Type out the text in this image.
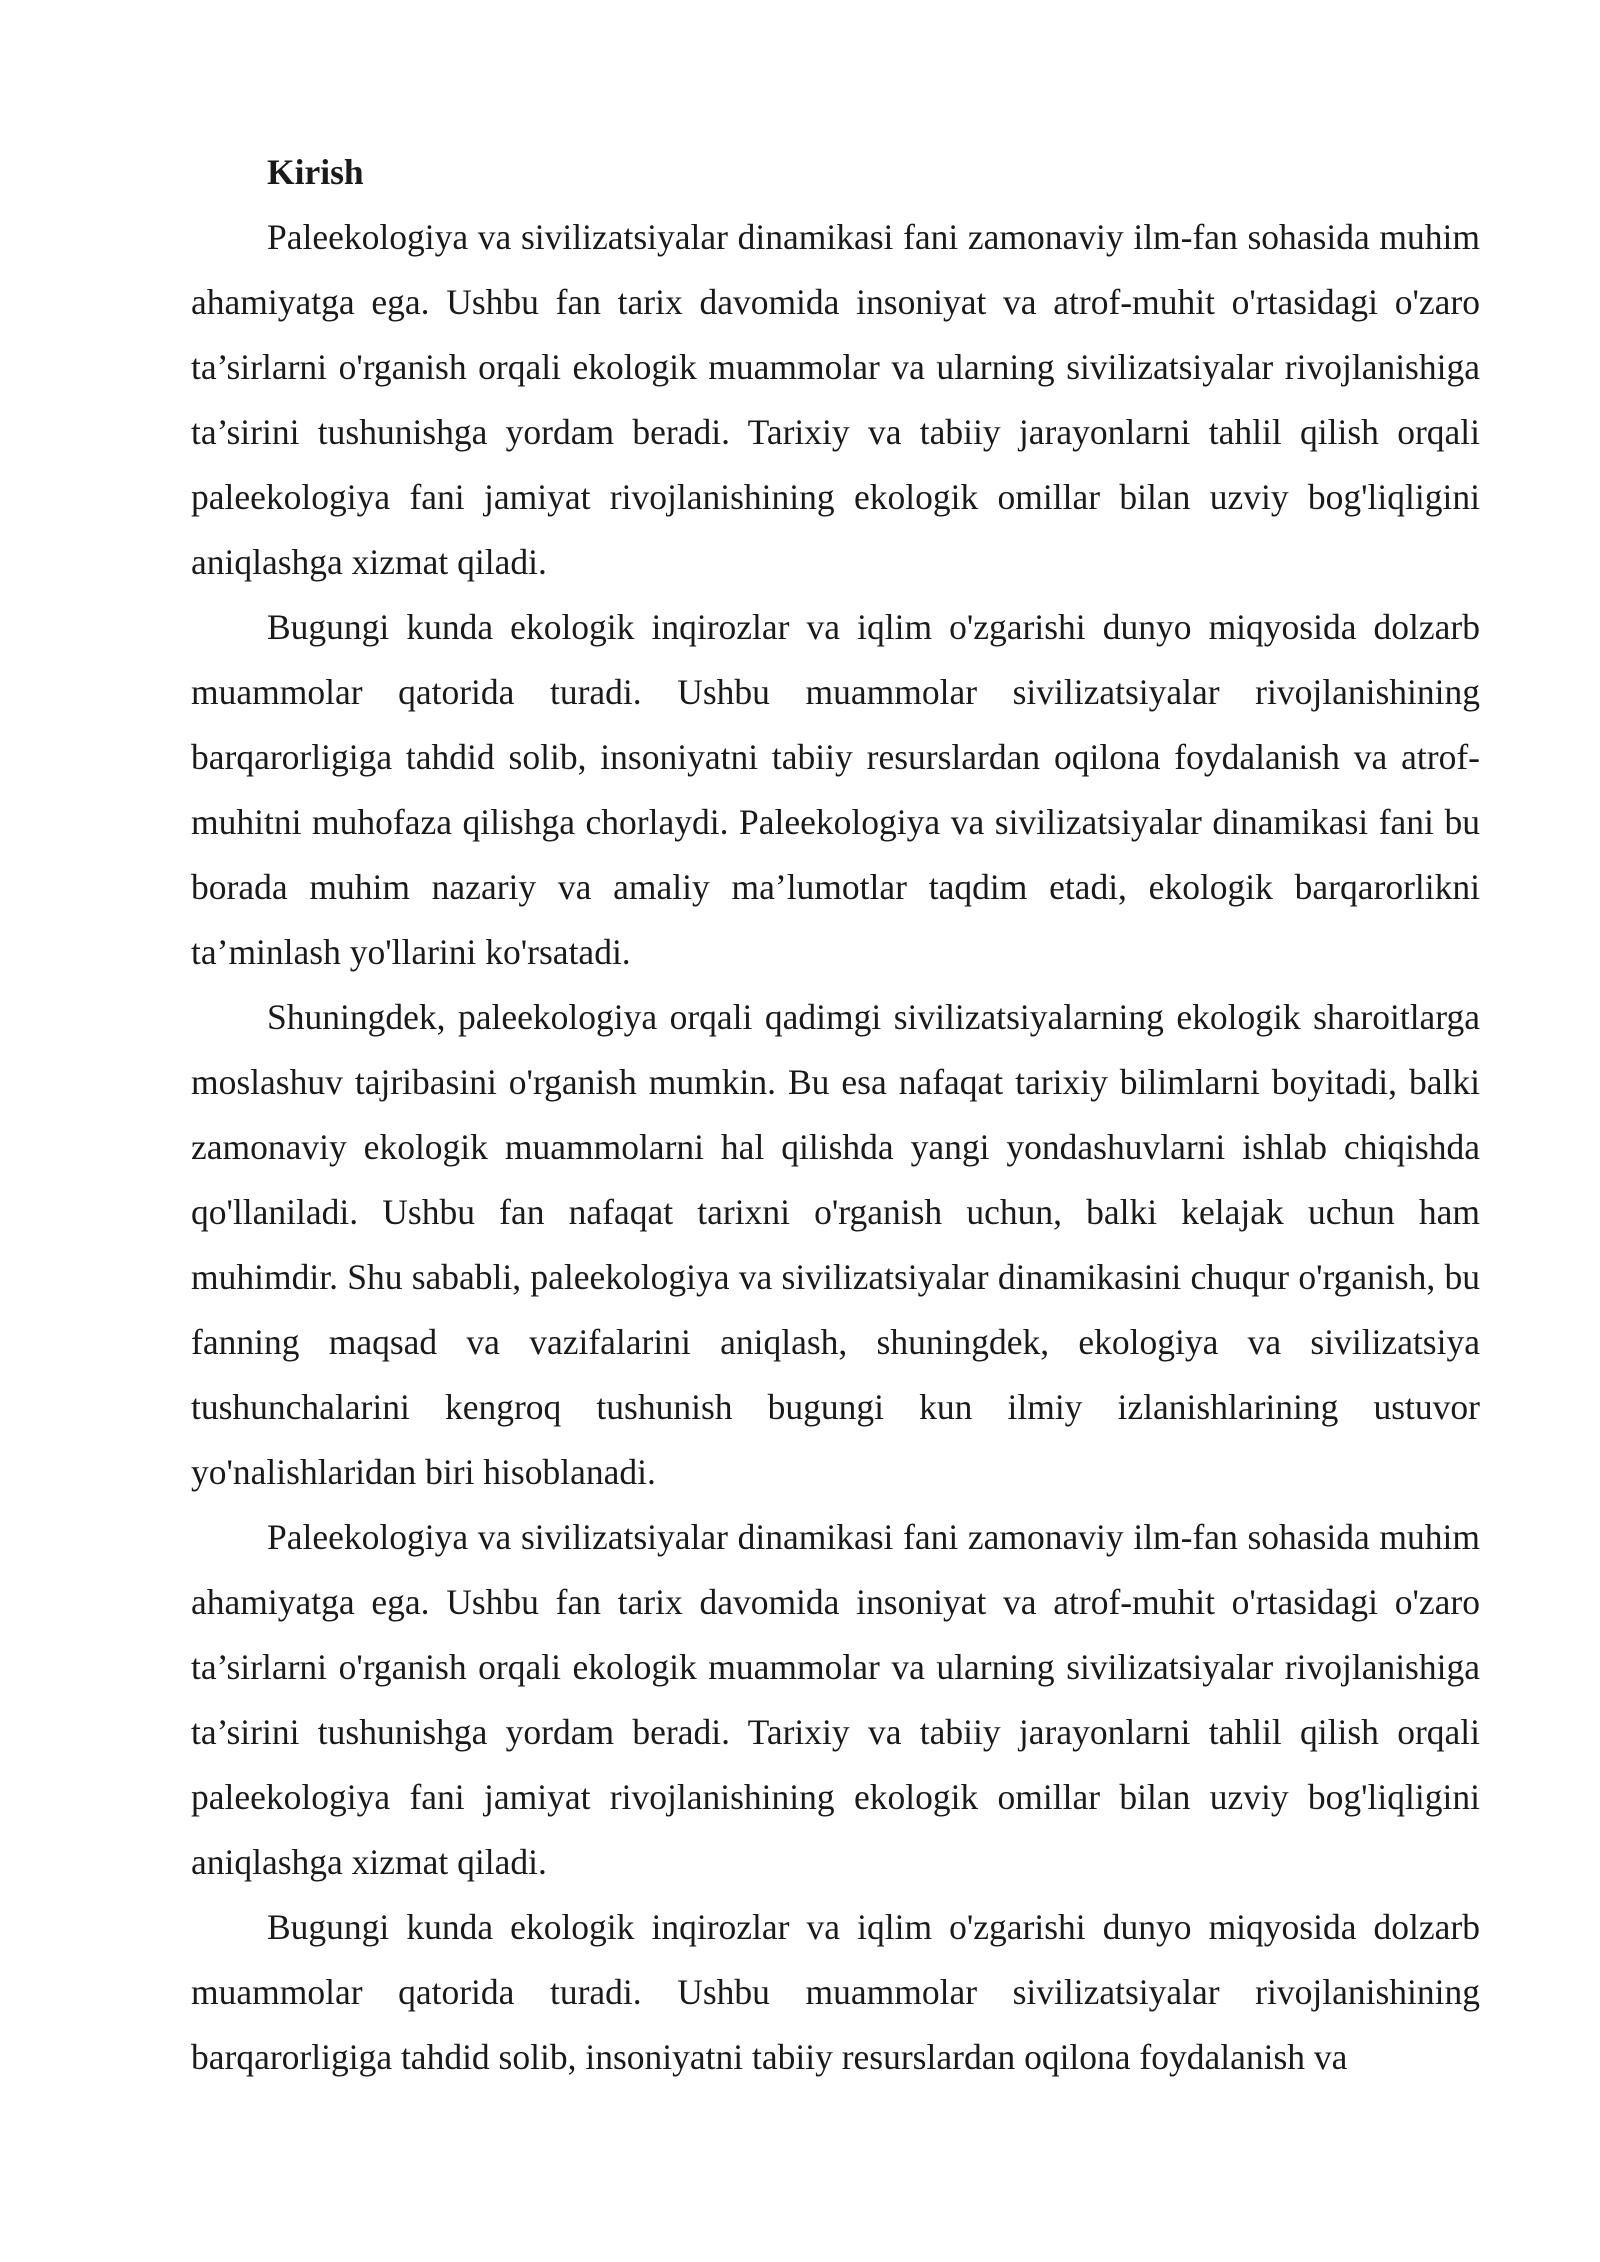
Kirish

Paleekologiya va sivilizatsiyalar dinamikasi fani zamonaviy ilm-fan sohasida muhim ahamiyatga ega. Ushbu fan tarix davomida insoniyat va atrof-muhit o'rtasidagi o'zaro ta’sirlarni o'rganish orqali ekologik muammolar va ularning sivilizatsiyalar rivojlanishiga ta’sirini tushunishga yordam beradi. Tarixiy va tabiiy jarayonlarni tahlil qilish orqali paleekologiya fani jamiyat rivojlanishining ekologik omillar bilan uzviy bog'liqligini aniqlashga xizmat qiladi.

Bugungi kunda ekologik inqirozlar va iqlim o'zgarishi dunyo miqyosida dolzarb muammolar qatorida turadi. Ushbu muammolar sivilizatsiyalar rivojlanishining barqarorligiga tahdid solib, insoniyatni tabiiy resurslardan oqilona foydalanish va atrof-muhitni muhofaza qilishga chorlaydi. Paleekologiya va sivilizatsiyalar dinamikasi fani bu borada muhim nazariy va amaliy ma’lumotlar taqdim etadi, ekologik barqarorlikni ta’minlash yo'llarini ko'rsatadi.

Shuningdek, paleekologiya orqali qadimgi sivilizatsiyalarning ekologik sharoitlarga moslashuv tajribasini o'rganish mumkin. Bu esa nafaqat tarixiy bilimlarni boyitadi, balki zamonaviy ekologik muammolarni hal qilishda yangi yondashuvlarni ishlab chiqishda qo'llaniladi. Ushbu fan nafaqat tarixni o'rganish uchun, balki kelajak uchun ham muhimdir. Shu sababli, paleekologiya va sivilizatsiyalar dinamikasini chuqur o'rganish, bu fanning maqsad va vazifalarini aniqlash, shuningdek, ekologiya va sivilizatsiya tushunchalarini kengroq tushunish bugungi kun ilmiy izlanishlarining ustuvor yo'nalishlaridan biri hisoblanadi.

Paleekologiya va sivilizatsiyalar dinamikasi fani zamonaviy ilm-fan sohasida muhim ahamiyatga ega. Ushbu fan tarix davomida insoniyat va atrof-muhit o'rtasidagi o'zaro ta’sirlarni o'rganish orqali ekologik muammolar va ularning sivilizatsiyalar rivojlanishiga ta’sirini tushunishga yordam beradi. Tarixiy va tabiiy jarayonlarni tahlil qilish orqali paleekologiya fani jamiyat rivojlanishining ekologik omillar bilan uzviy bog'liqligini aniqlashga xizmat qiladi.

Bugungi kunda ekologik inqirozlar va iqlim o'zgarishi dunyo miqyosida dolzarb muammolar qatorida turadi. Ushbu muammolar sivilizatsiyalar rivojlanishining barqarorligiga tahdid solib, insoniyatni tabiiy resurslardan oqilona foydalanish va
